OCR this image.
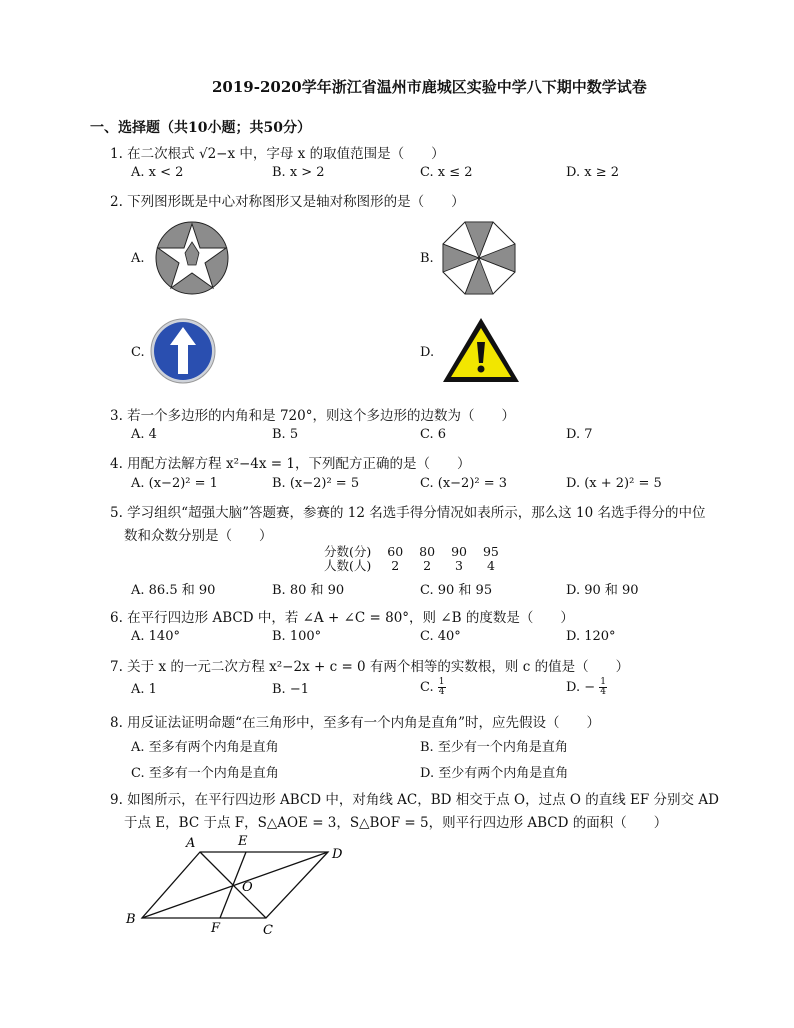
2019-2020学年浙江省温州市鹿城区实验中学八下期中数学试卷
一、选择题（共10小题；共50分）
1. 在二次根式 √2−x 中，字母 x 的取值范围是（　　）
A. x < 2	B. x > 2	C. x ≤ 2	D. x ≥ 2
2. 下列图形既是中心对称图形又是轴对称图形的是（　　）
A.	B.
C.	D.
3. 若一个多边形的内角和是 720°，则这个多边形的边数为（　　）
A. 4	B. 5	C. 6	D. 7
4. 用配方法解方程 x²−4x = 1，下列配方正确的是（　　）
A. (x−2)² = 1	B. (x−2)² = 5	C. (x−2)² = 3	D. (x + 2)² = 5
5. 学习组织“超强大脑”答题赛，参赛的 12 名选手得分情况如表所示，那么这 10 名选手得分的中位
数和众数分别是（　　）
分数(分)	60	80	90	95
人数(人)	2	2	3	4
A. 86.5 和 90	B. 80 和 90	C. 90 和 95	D. 90 和 90
6. 在平行四边形 ABCD 中，若 ∠A + ∠C = 80°，则 ∠B 的度数是（　　）
A. 140°	B. 100°	C. 40°	D. 120°
7. 关于 x 的一元二次方程 x²−2x + c = 0 有两个相等的实数根，则 c 的值是（　　）
A. 1	B. −1	C. $\frac{1}{4}$	D. − $\frac{1}{4}$
8. 用反证法证明命题“在三角形中，至多有一个内角是直角”时，应先假设（　　）
A. 至多有两个内角是直角	B. 至少有一个内角是直角
C. 至多有一个内角是直角	D. 至少有两个内角是直角
9. 如图所示，在平行四边形 ABCD 中，对角线 AC，BD 相交于点 O，过点 O 的直线 EF 分别交 AD
于点 E，BC 于点 F，S△AOE = 3，S△BOF = 5，则平行四边形 ABCD 的面积（　　）
A	E
D
O
B
F	C
